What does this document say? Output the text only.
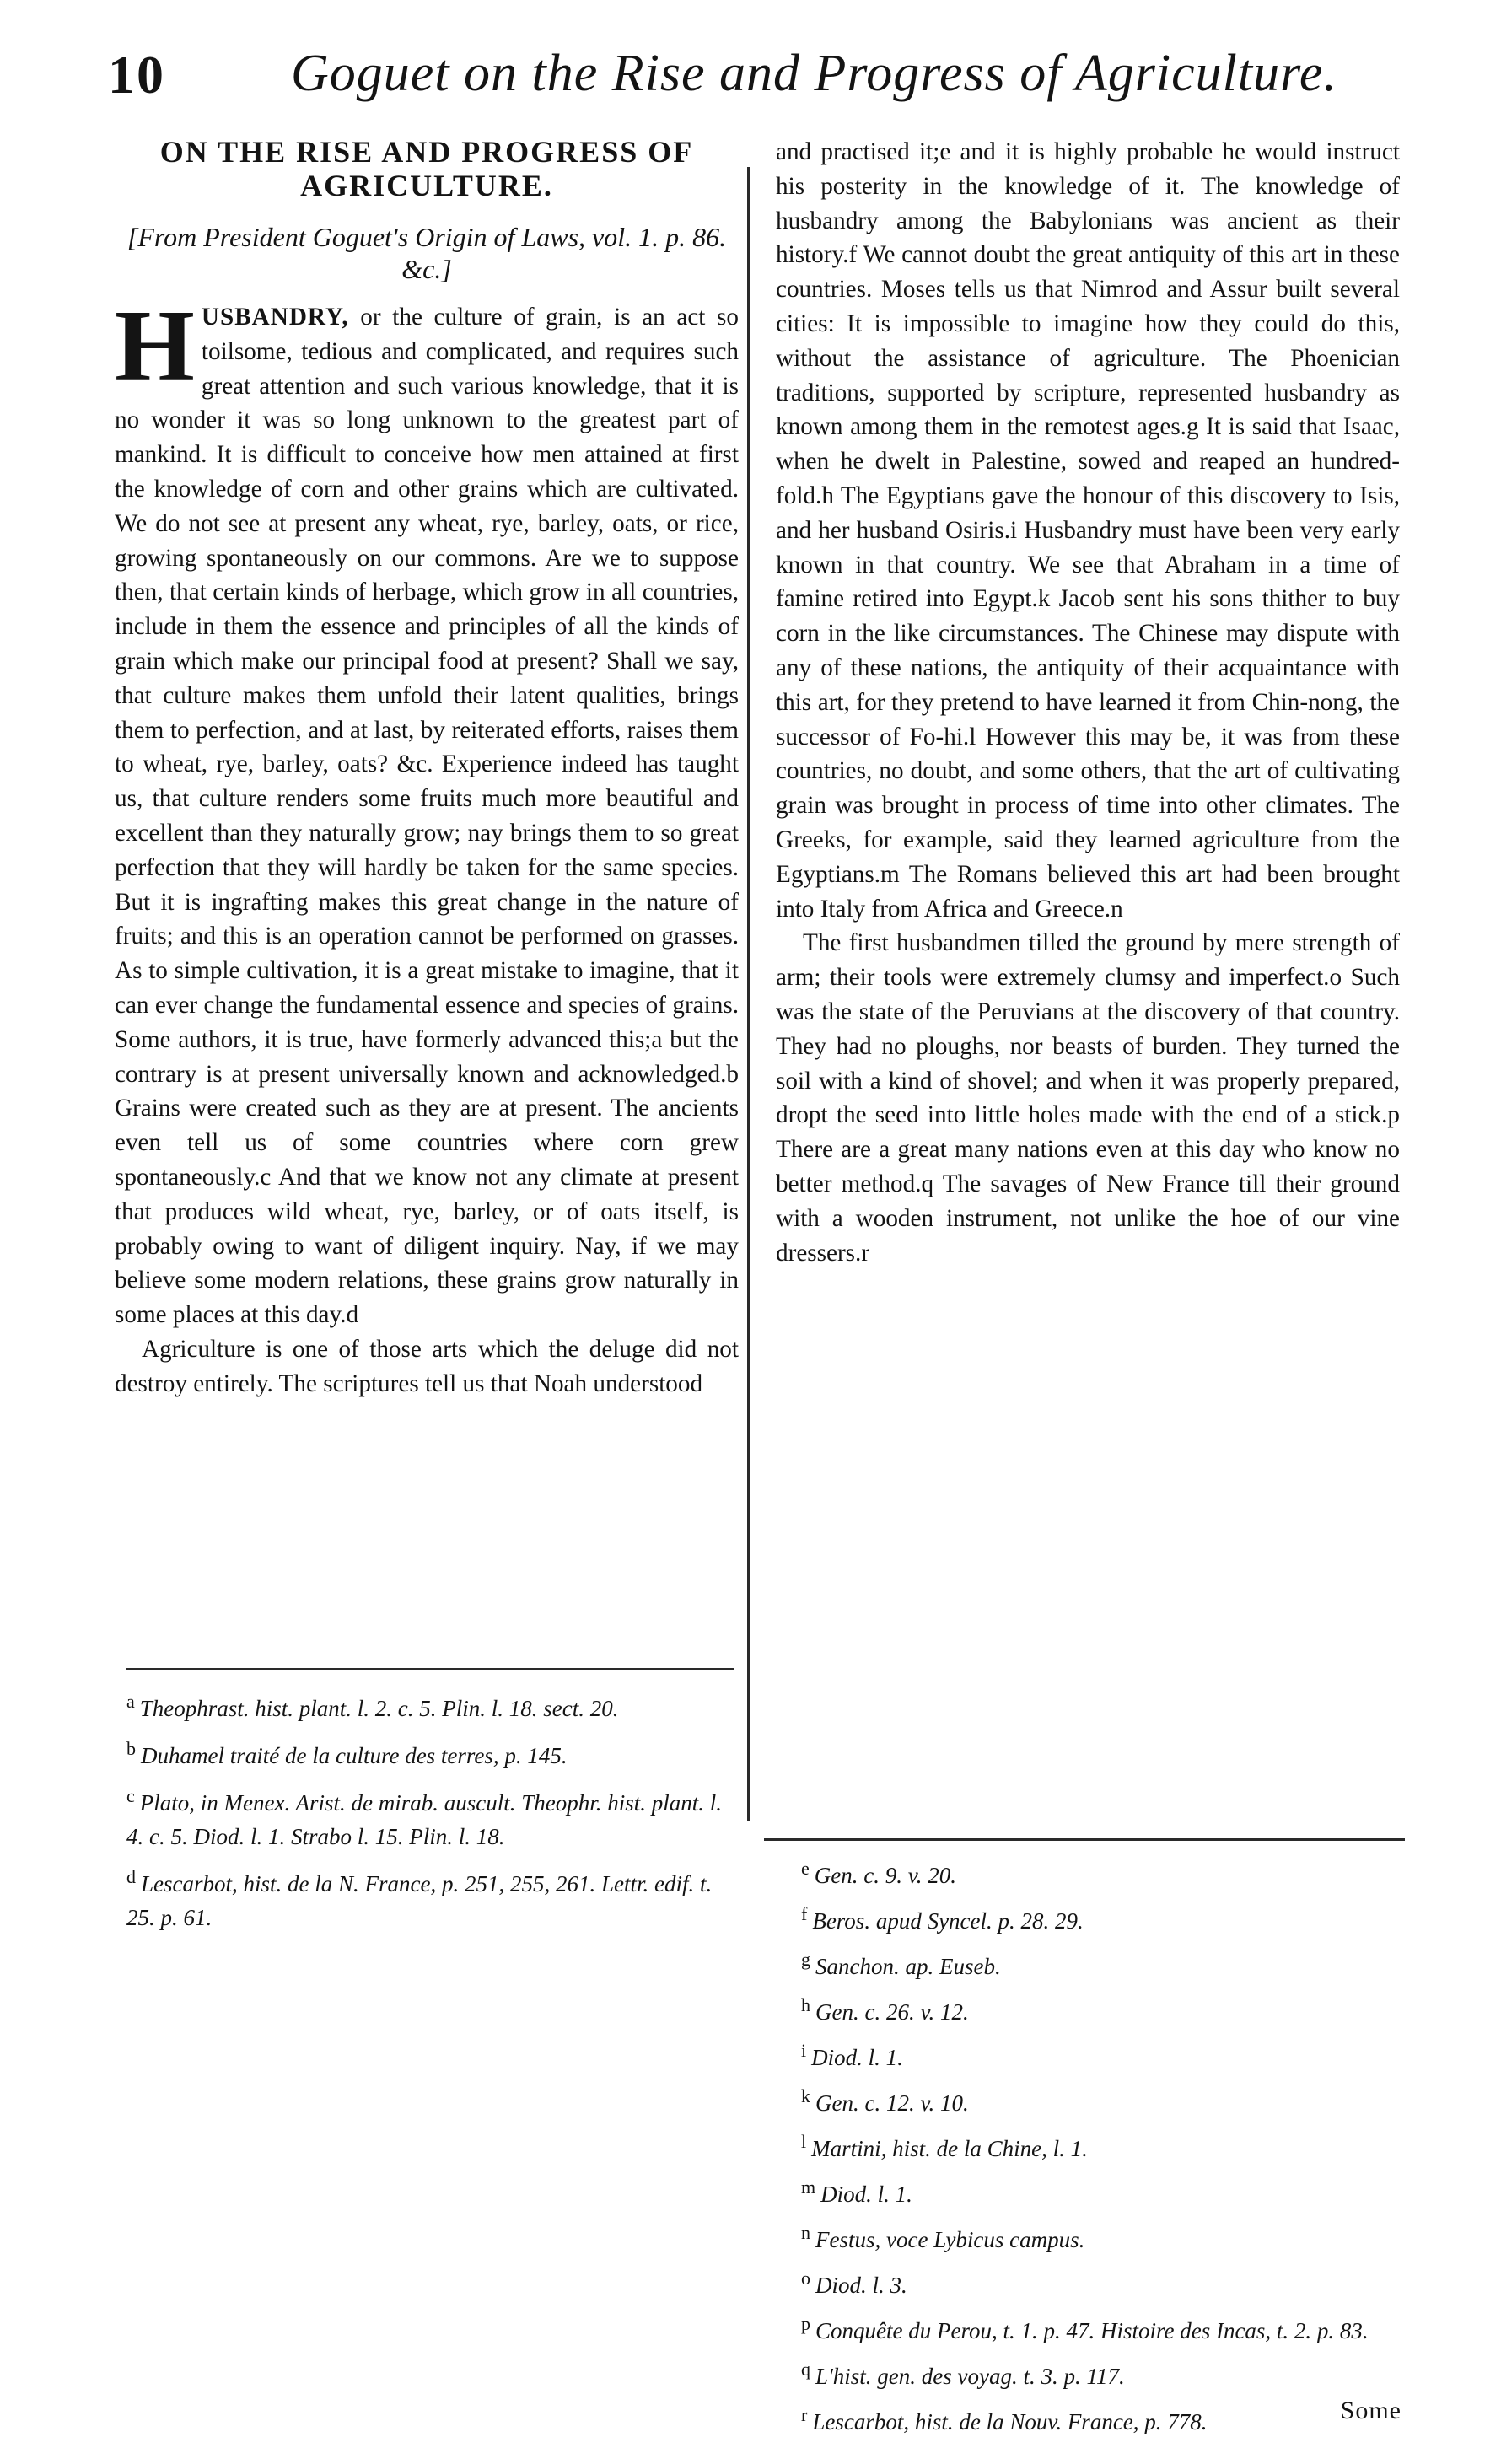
10 Goguet on the Rise and Progress of Agriculture.
ON THE RISE AND PROGRESS OF AGRICULTURE.
[From President Goguet's Origin of Laws, vol. 1. p. 86. &c.]

HUSBANDRY, or the culture of grain, is an act so toilsome, tedious and complicated, and requires such great attention and such various knowledge, that it is no wonder it was so long unknown to the greatest part of mankind. It is difficult to conceive how men attained at first the knowledge of corn and other grains which are cultivated. We do not see at present any wheat, rye, barley, oats, or rice, growing spontaneously on our commons. Are we to suppose then, that certain kinds of herbage, which grow in all countries, include in them the essence and principles of all the kinds of grain which make our principal food at present? Shall we say, that culture makes them unfold their latent qualities, brings them to perfection, and at last, by reiterated efforts, raises them to wheat, rye, barley, oats? &c. Experience indeed has taught us, that culture renders some fruits much more beautiful and excellent than they naturally grow; nay brings them to so great perfection that they will hardly be taken for the same species. But it is ingrafting makes this great change in the nature of fruits; and this is an operation cannot be performed on grasses. As to simple cultivation, it is a great mistake to imagine, that it can ever change the fundamental essence and species of grains. Some authors, it is true, have formerly advanced this;a but the contrary is at present universally known and acknowledged.b Grains were created such as they are at present. The ancients even tell us of some countries where corn grew spontaneously.c And that we know not any climate at present that produces wild wheat, rye, barley, or of oats itself, is probably owing to want of diligent inquiry. Nay, if we may believe some modern relations, these grains grow naturally in some places at this day.d

Agriculture is one of those arts which the deluge did not destroy entirely. The scriptures tell us that Noah understood

and practised it;e and it is highly probable he would instruct his posterity in the knowledge of it. The knowledge of husbandry among the Babylonians was ancient as their history.f We cannot doubt the great antiquity of this art in these countries. Moses tells us that Nimrod and Assur built several cities: It is impossible to imagine how they could do this, without the assistance of agriculture. The Phoenician traditions, supported by scripture, represented husbandry as known among them in the remotest ages.g It is said that Isaac, when he dwelt in Palestine, sowed and reaped an hundred-fold.h The Egyptians gave the honour of this discovery to Isis, and her husband Osiris.i Husbandry must have been very early known in that country. We see that Abraham in a time of famine retired into Egypt.k Jacob sent his sons thither to buy corn in the like circumstances. The Chinese may dispute with any of these nations, the antiquity of their acquaintance with this art, for they pretend to have learned it from Chin-nong, the successor of Fo-hi.l However this may be, it was from these countries, no doubt, and some others, that the art of cultivating grain was brought in process of time into other climates. The Greeks, for example, said they learned agriculture from the Egyptians.m The Romans believed this art had been brought into Italy from Africa and Greece.n

The first husbandmen tilled the ground by mere strength of arm; their tools were extremely clumsy and imperfect.o Such was the state of the Peruvians at the discovery of that country. They had no ploughs, nor beasts of burden. They turned the soil with a kind of shovel; and when it was properly prepared, dropt the seed into little holes made with the end of a stick.p There are a great many nations even at this day who know no better method.q The savages of New France till their ground with a wooden instrument, not unlike the hoe of our vine dressers.r

$^a$ Theophrast. hist. plant. l. 2. c. 5. Plin. l. 18. sect. 20.
$^b$ Duhamel traité de la culture des terres, p. 145.
$^c$ Plato, in Menex. Arist. de mirab. auscult. Theophr. hist. plant. l. 4. c. 5. Diod. l. 1. Strabo l. 15. Plin. l. 18.
$^d$ Lescarbot, hist. de la N. France, p. 251, 255, 261. Lettr. edif. t. 25. p. 61.
$^e$ Gen. c. 9. v. 20.
$^f$ Beros. apud Syncel. p. 28. 29.
$^g$ Sanchon. ap. Euseb.
$^h$ Gen. c. 26. v. 12.
$^i$ Diod. l. 1.
$^k$ Gen. c. 12. v. 10.
$^l$ Martini, hist. de la Chine, l. 1.
$^m$ Diod. l. 1.
$^n$ Festus, voce Lybicus campus.
$^o$ Diod. l. 3.
$^p$ Conquête du Perou, t. 1. p. 47. Histoire des Incas, t. 2. p. 83.
$^q$ L'hist. gen. des voyag. t. 3. p. 117.
$^r$ Lescarbot, hist. de la Nouv. France, p. 778.	Some
